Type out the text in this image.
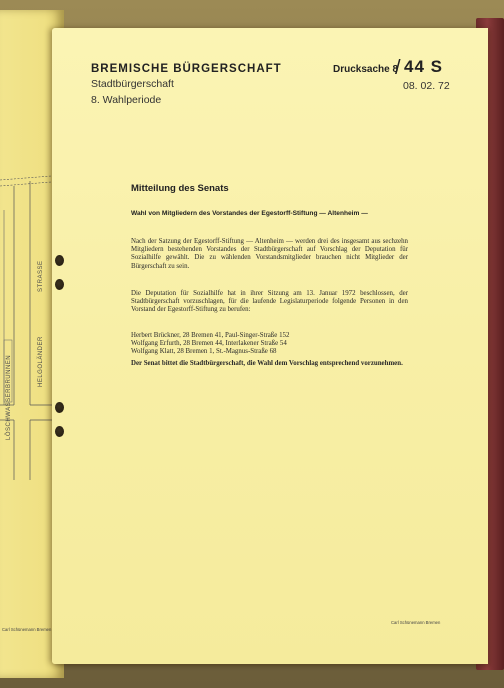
LÖSCHWASSERBRUNNEN	HELGOLÄNDER
STRASSE
Carl Schünemann Bremen
BREMISCHE BÜRGERSCHAFT
Stadtbürgerschaft
8. Wahlperiode
Drucksache 8
/ 44 S
08. 02. 72
Mitteilung des Senats
Wahl von Mitgliedern des Vorstandes der Egestorff-Stiftung — Altenheim —
Nach der Satzung der Egestorff-Stiftung — Altenheim — werden drei des insgesamt aus sechzehn Mitgliedern bestehenden Vorstandes der Stadtbürgerschaft auf Vorschlag der Deputation für Sozialhilfe gewählt. Die zu wählenden Vorstandsmitglieder brauchen nicht Mitglieder der Bürgerschaft zu sein.
Die Deputation für Sozialhilfe hat in ihrer Sitzung am 13. Januar 1972 beschlossen, der Stadtbürgerschaft vorzuschlagen, für die laufende Legislaturperiode folgende Personen in den Vorstand der Egestorff-Stiftung zu berufen:
Herbert Brückner, 28 Bremen 41, Paul-Singer-Straße 152
Wolfgang Erfurth, 28 Bremen 44, Interlakener Straße 54
Wolfgang Klatt, 28 Bremen 1, St.-Magnus-Straße 68
Der Senat bittet die Stadtbürgerschaft, die Wahl dem Vorschlag entsprechend vorzunehmen.
Carl Schünemann Bremen
